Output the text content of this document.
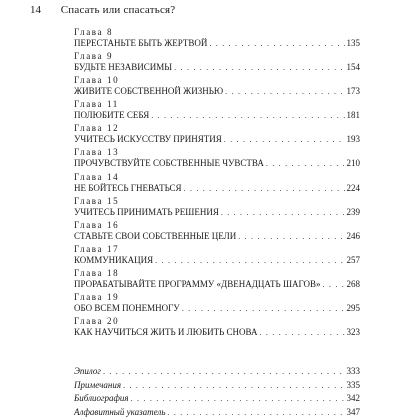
14 Спасать или спасаться?
Глава 8
ПЕРЕСТАНЬТЕ БЫТЬ ЖЕРТВОЙ . . .	135
Глава 9
БУДЬТЕ НЕЗАВИСИМЫ . . .	154
Глава 10
ЖИВИТЕ СОБСТВЕННОЙ ЖИЗНЬЮ . . .	173
Глава 11
ПОЛЮБИТЕ СЕБЯ . . .	181
Глава 12
УЧИТЕСЬ ИСКУССТВУ ПРИНЯТИЯ . . .	193
Глава 13
ПРОЧУВСТВУЙТЕ СОБСТВЕННЫЕ ЧУВСТВА . . .	210
Глава 14
НЕ БОЙТЕСЬ ГНЕВАТЬСЯ . . .	224
Глава 15
УЧИТЕСЬ ПРИНИМАТЬ РЕШЕНИЯ . . .	239
Глава 16
СТАВЬТЕ СВОИ СОБСТВЕННЫЕ ЦЕЛИ . . .	246
Глава 17
КОММУНИКАЦИЯ . . .	257
Глава 18
ПРОРАБАТЫВАЙТЕ ПРОГРАММУ «ДВЕНАДЦАТЬ ШАГОВ» . . .	268
Глава 19
ОБО ВСЕМ ПОНЕМНОГУ . . .	295
Глава 20
КАК НАУЧИТЬСЯ ЖИТЬ И ЛЮБИТЬ СНОВА . . .	323
Эпилог . . .	333
Примечания . . .	335
Библиография . . .	342
Алфавитный указатель . . .	347
